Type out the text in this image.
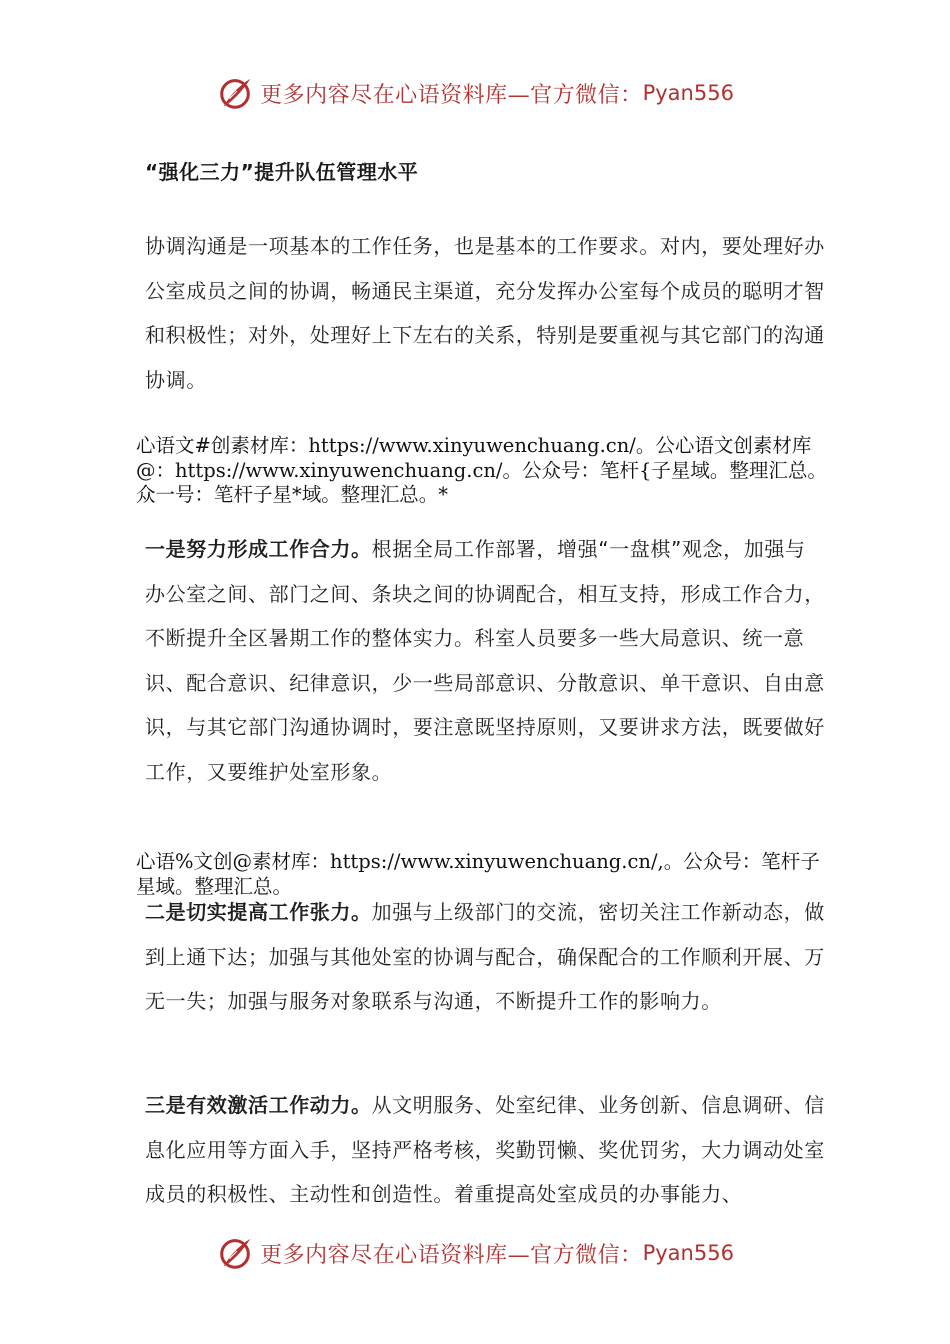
更多内容尽在心语资料库—官方微信： Pyan556
“强化三力”提升队伍管理水平

协调沟通是一项基本的工作任务，也是基本的工作要求。对内，要处理好办公室成员之间的协调，畅通民主渠道，充分发挥办公室每个成员的聪明才智和积极性；对外，处理好上下左右的关系，特别是要重视与其它部门的沟通协调。

心语文#创素材库：https://www.xinyuwenchuang.cn/。公心语文创素材库@：https://www.xinyuwenchuang.cn/。公众号：笔杆{子星域。整理汇总。众一号：笔杆子星*域。整理汇总。*

一是努力形成工作合力。根据全局工作部署，增强“一盘棋”观念，加强与办公室之间、部门之间、条块之间的协调配合，相互支持，形成工作合力，不断提升全区暑期工作的整体实力。科室人员要多一些大局意识、统一意识、配合意识、纪律意识，少一些局部意识、分散意识、单干意识、自由意识，与其它部门沟通协调时，要注意既坚持原则，又要讲求方法，既要做好工作，又要维护处室形象。

心语%文创@素材库：https://www.xinyuwenchuang.cn/,。公众号：笔杆子星域。整理汇总。

二是切实提高工作张力。加强与上级部门的交流，密切关注工作新动态，做到上通下达；加强与其他处室的协调与配合，确保配合的工作顺利开展、万无一失；加强与服务对象联系与沟通，不断提升工作的影响力。

三是有效激活工作动力。从文明服务、处室纪律、业务创新、信息调研、信息化应用等方面入手，坚持严格考核，奖勤罚懒、奖优罚劣，大力调动处室成员的积极性、主动性和创造性。着重提高处室成员的办事能力、

更多内容尽在心语资料库—官方微信： Pyan556
